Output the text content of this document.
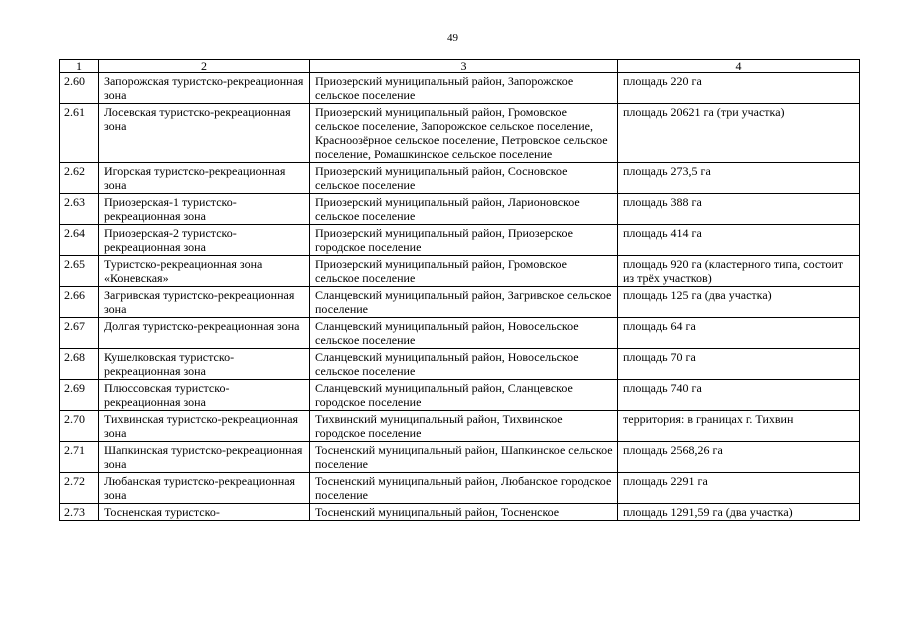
49
1	2	3	4
2.60	Запорожская туристско-рекреационная зона	Приозерский муниципальный район, Запорожское сельское поселение	площадь 220 га
2.61	Лосевская туристско-рекреационная зона	Приозерский муниципальный район, Громовское сельское поселение, Запорожское сельское поселение, Красноозёрное сельское поселение, Петровское сельское поселение, Ромашкинское сельское поселение	площадь 20621 га (три участка)
2.62	Игорская туристско-рекреационная зона	Приозерский муниципальный район, Сосновское сельское поселение	площадь 273,5 га
2.63	Приозерская-1 туристско-рекреационная зона	Приозерский муниципальный район, Ларионовское сельское поселение	площадь 388 га
2.64	Приозерская-2 туристско-рекреационная зона	Приозерский муниципальный район, Приозерское городское поселение	площадь 414 га
2.65	Туристско-рекреационная зона «Коневская»	Приозерский муниципальный район, Громовское сельское поселение	площадь 920 га (кластерного типа, состоит из трёх участков)
2.66	Загривская туристско-рекреационная зона	Сланцевский муниципальный район, Загривское сельское поселение	площадь 125 га (два участка)
2.67	Долгая туристско-рекреационная зона	Сланцевский муниципальный район, Новосельское сельское поселение	площадь 64 га
2.68	Кушелковская туристско-рекреационная зона	Сланцевский муниципальный район, Новосельское сельское поселение	площадь 70 га
2.69	Плюссовская туристско-рекреационная зона	Сланцевский муниципальный район, Сланцевское городское поселение	площадь 740 га
2.70	Тихвинская туристско-рекреационная зона	Тихвинский муниципальный район, Тихвинское городское поселение	территория: в границах г. Тихвин
2.71	Шапкинская туристско-рекреационная зона	Тосненский муниципальный район, Шапкинское сельское поселение	площадь 2568,26 га
2.72	Любанская туристско-рекреационная зона	Тосненский муниципальный район, Любанское городское поселение	площадь 2291 га
2.73	Тосненская туристско-	Тосненский муниципальный район, Тосненское	площадь 1291,59 га (два участка)
